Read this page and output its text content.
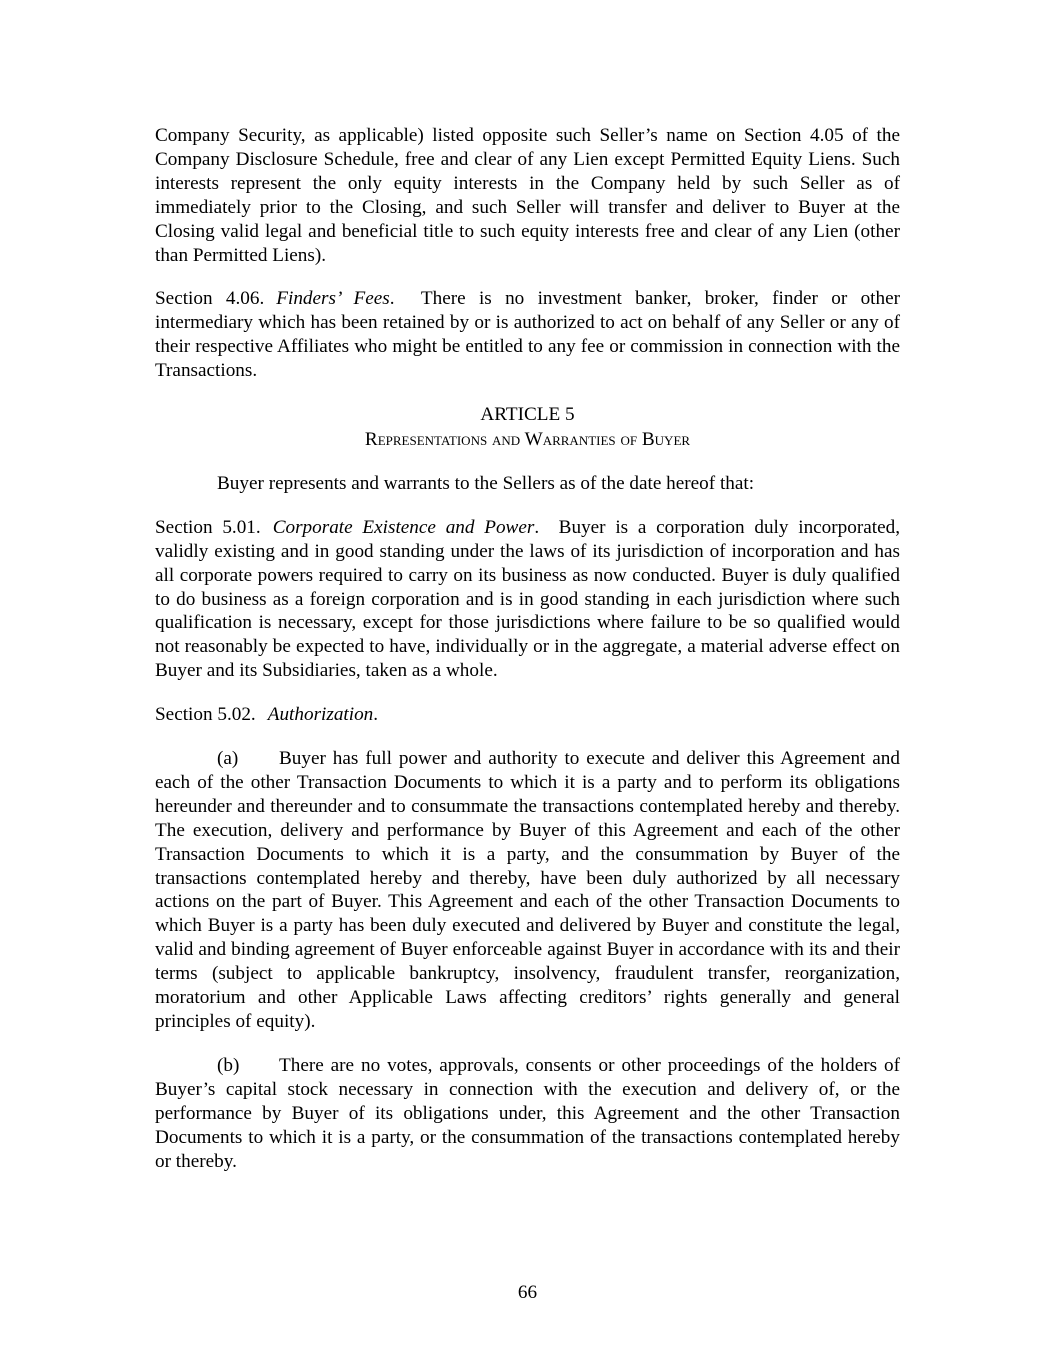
Company Security, as applicable) listed opposite such Seller’s name on Section 4.05 of the Company Disclosure Schedule, free and clear of any Lien except Permitted Equity Liens. Such interests represent the only equity interests in the Company held by such Seller as of immediately prior to the Closing, and such Seller will transfer and deliver to Buyer at the Closing valid legal and beneficial title to such equity interests free and clear of any Lien (other than Permitted Liens).

Section 4.06. Finders’ Fees.  There is no investment banker, broker, finder or other intermediary which has been retained by or is authorized to act on behalf of any Seller or any of their respective Affiliates who might be entitled to any fee or commission in connection with the Transactions.

ARTICLE 5

Representations and Warranties of Buyer

Buyer represents and warrants to the Sellers as of the date hereof that:

Section 5.01. Corporate Existence and Power.  Buyer is a corporation duly incorporated, validly existing and in good standing under the laws of its jurisdiction of incorporation and has all corporate powers required to carry on its business as now conducted. Buyer is duly qualified to do business as a foreign corporation and is in good standing in each jurisdiction where such qualification is necessary, except for those jurisdictions where failure to be so qualified would not reasonably be expected to have, individually or in the aggregate, a material adverse effect on Buyer and its Subsidiaries, taken as a whole.

Section 5.02. Authorization.

(a) Buyer has full power and authority to execute and deliver this Agreement and each of the other Transaction Documents to which it is a party and to perform its obligations hereunder and thereunder and to consummate the transactions contemplated hereby and thereby. The execution, delivery and performance by Buyer of this Agreement and each of the other Transaction Documents to which it is a party, and the consummation by Buyer of the transactions contemplated hereby and thereby, have been duly authorized by all necessary actions on the part of Buyer. This Agreement and each of the other Transaction Documents to which Buyer is a party has been duly executed and delivered by Buyer and constitute the legal, valid and binding agreement of Buyer enforceable against Buyer in accordance with its and their terms (subject to applicable bankruptcy, insolvency, fraudulent transfer, reorganization, moratorium and other Applicable Laws affecting creditors’ rights generally and general principles of equity).

(b) There are no votes, approvals, consents or other proceedings of the holders of Buyer’s capital stock necessary in connection with the execution and delivery of, or the performance by Buyer of its obligations under, this Agreement and the other Transaction Documents to which it is a party, or the consummation of the transactions contemplated hereby or thereby.

66
